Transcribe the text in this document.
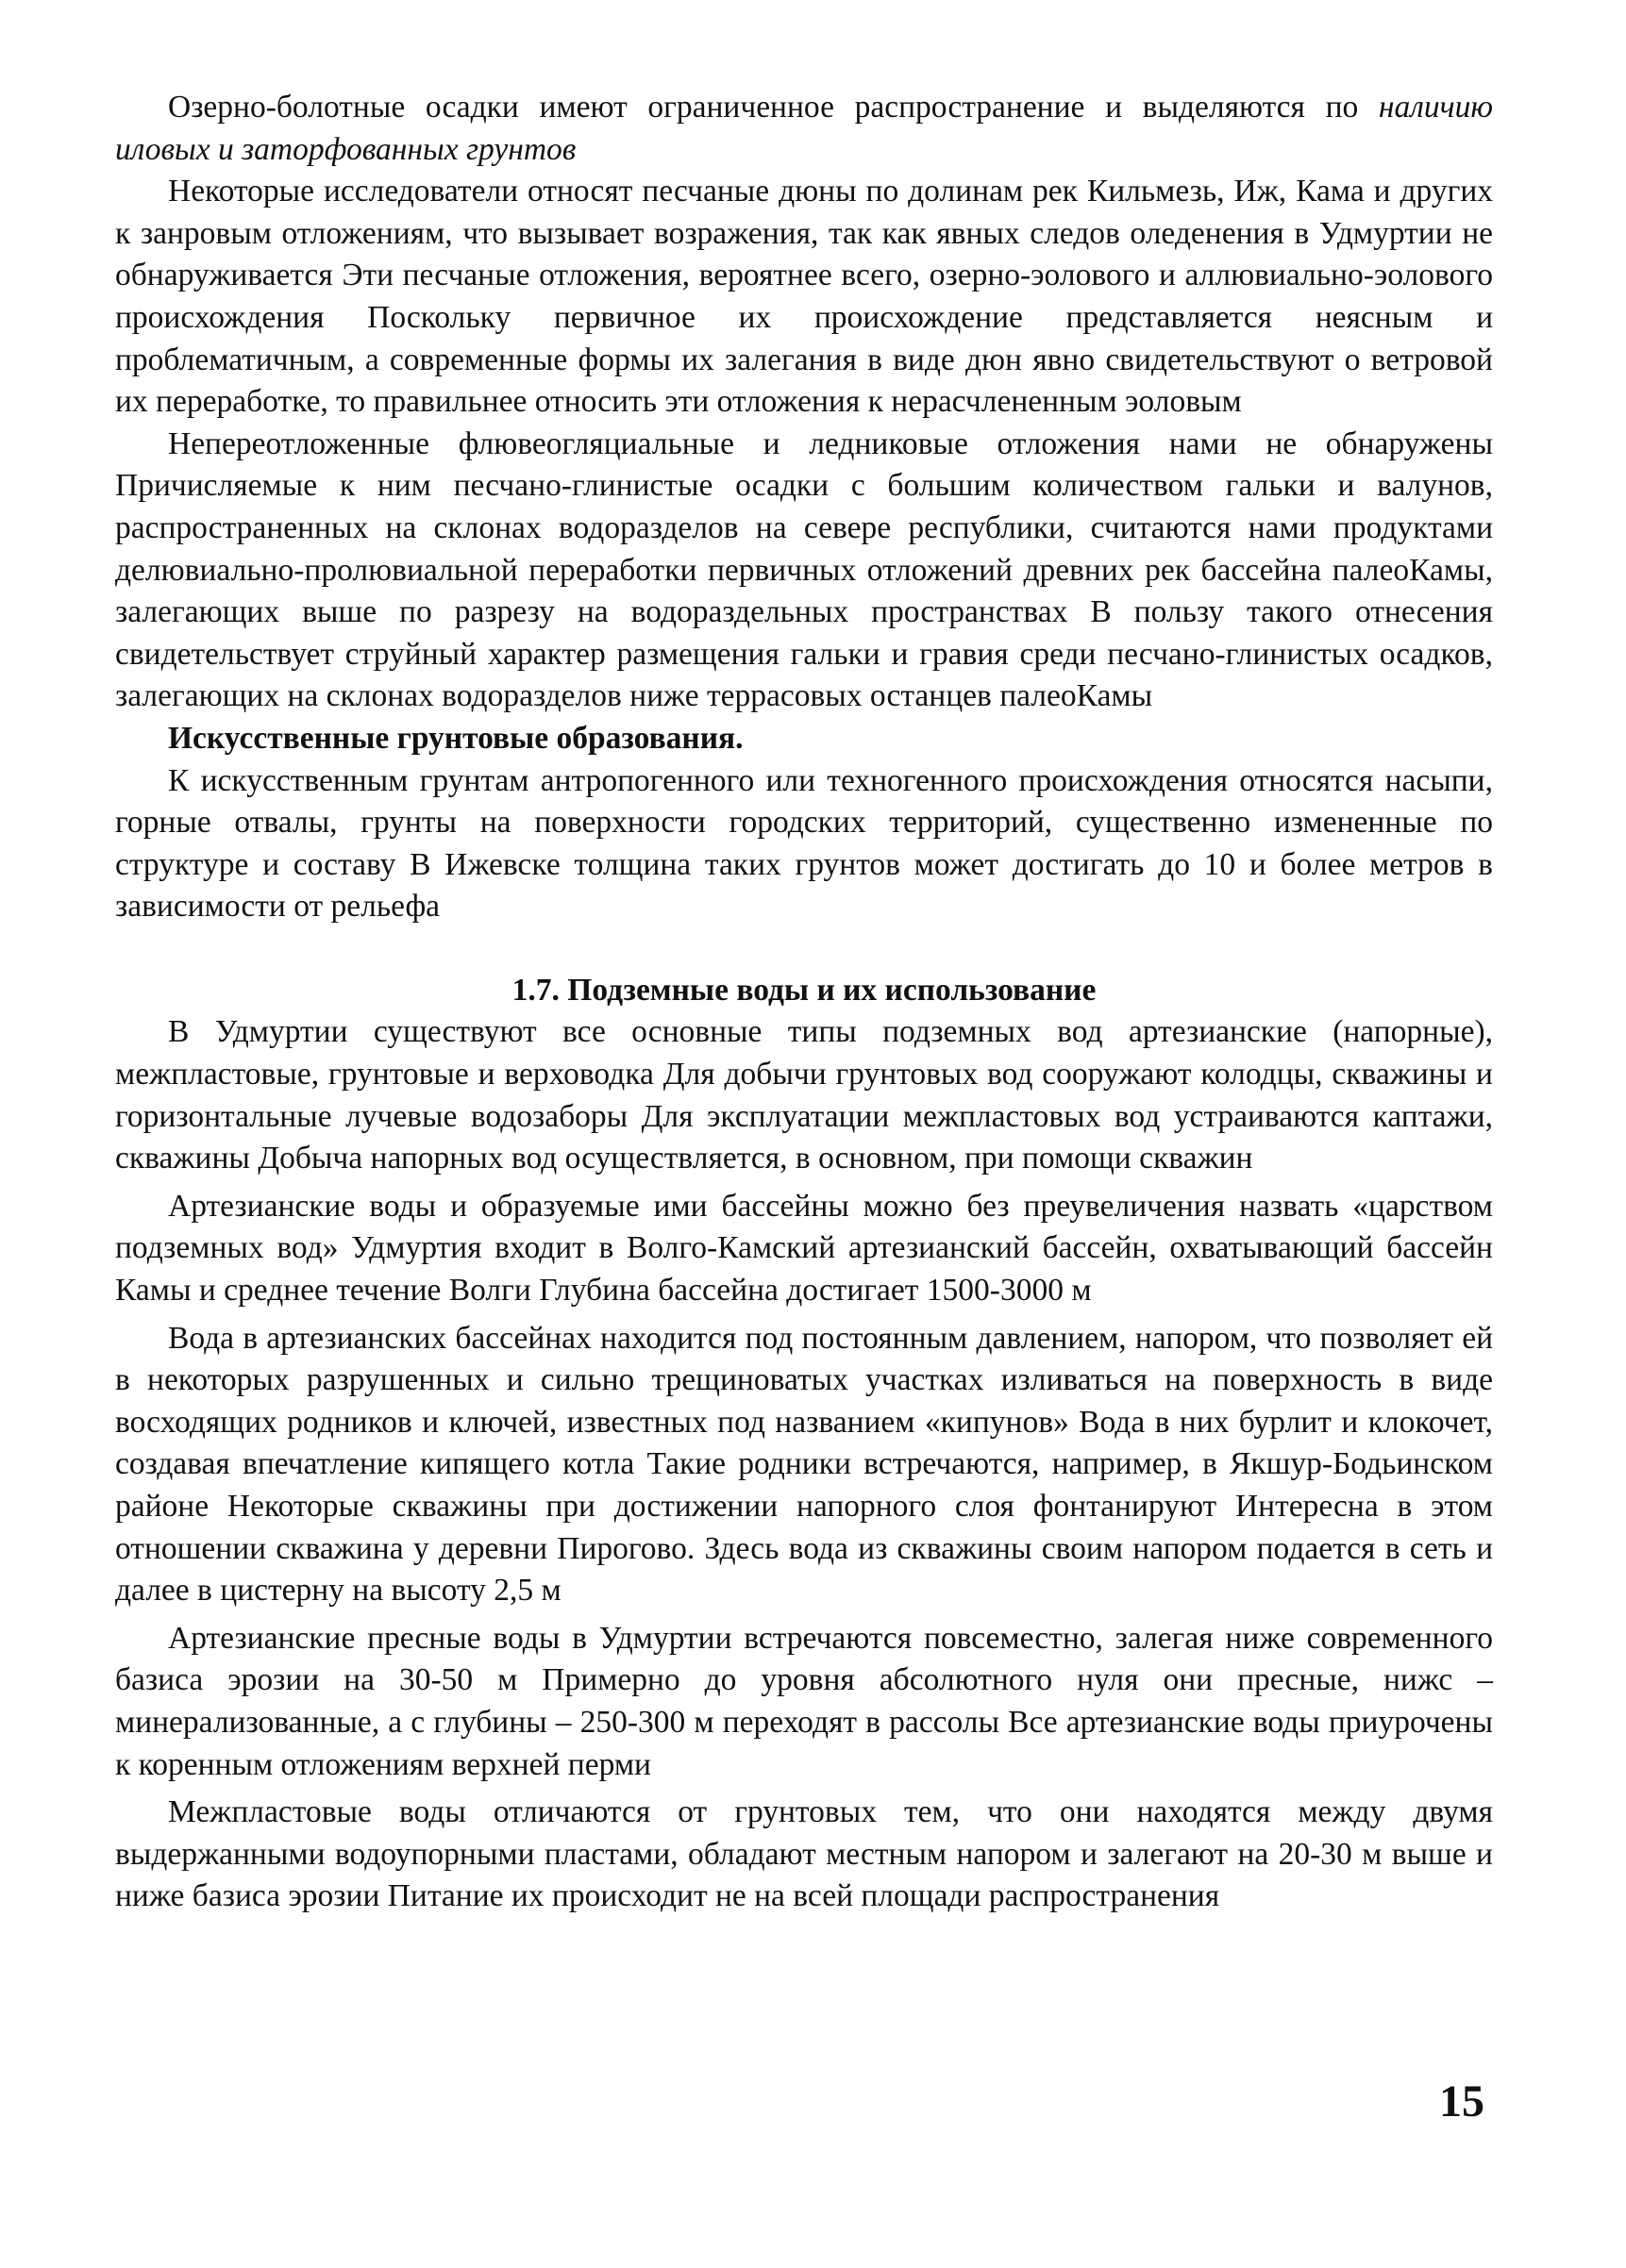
Озерно-болотные осадки имеют ограниченное распространение и выделяются по наличию иловых и заторфованных грунтов

Некоторые исследователи относят песчаные дюны по долинам рек Кильмезь, Иж, Кама и других к занровым отложениям, что вызывает возражения, так как явных следов оледенения в Удмуртии не обнаруживается Эти песчаные отложения, вероятнее всего, озерно-эолового и аллювиально-эолового происхождения Поскольку первичное их происхождение представляется неясным и проблематичным, а современные формы их залегания в виде дюн явно свидетельствуют о ветровой их переработке, то правильнее относить эти отложения к нерасчлененным эоловым

Непереотложенные флювеогляциальные и ледниковые отложения нами не обнаружены Причисляемые к ним песчано-глинистые осадки с большим количеством гальки и валунов, распространенных на склонах водоразделов на севере республики, считаются нами продуктами делювиально-пролювиальной переработки первичных отложений древних рек бассейна палеоКамы, залегающих выше по разрезу на водораздельных пространствах В пользу такого отнесения свидетельствует струйный характер размещения гальки и гравия среди песчано-глинистых осадков, залегающих на склонах водоразделов ниже террасовых останцев палеоКамы

Искусственные грунтовые образования.

К искусственным грунтам антропогенного или техногенного происхождения относятся насыпи, горные отвалы, грунты на поверхности городских территорий, существенно измененные по структуре и составу В Ижевске толщина таких грунтов может достигать до 10 и более метров в зависимости от рельефа

1.7. Подземные воды и их использование

В Удмуртии существуют все основные типы подземных вод артезианские (напорные), межпластовые, грунтовые и верховодка Для добычи грунтовых вод сооружают колодцы, скважины и горизонтальные лучевые водозаборы Для эксплуатации межпластовых вод устраиваются каптажи, скважины Добыча напорных вод осуществляется, в основном, при помощи скважин

Артезианские воды и образуемые ими бассейны можно без преувеличения назвать «царством подземных вод» Удмуртия входит в Волго-Камский артезианский бассейн, охватывающий бассейн Камы и среднее течение Волги Глубина бассейна достигает 1500-3000 м

Вода в артезианских бассейнах находится под постоянным давлением, напором, что позволяет ей в некоторых разрушенных и сильно трещиноватых участках изливаться на поверхность в виде восходящих родников и ключей, известных под названием «кипунов» Вода в них бурлит и клокочет, создавая впечатление кипящего котла Такие родники встречаются, например, в Якшур-Бодьинском районе Некоторые скважины при достижении напорного слоя фонтанируют Интересна в этом отношении скважина у деревни Пирогово. Здесь вода из скважины своим напором подается в сеть и далее в цистерну на высоту 2,5 м

Артезианские пресные воды в Удмуртии встречаются повсеместно, залегая ниже современного базиса эрозии на 30-50 м Примерно до уровня абсолютного нуля они пресные, нижс – минерализованные, а с глубины – 250-300 м переходят в рассолы Все артезианские воды приурочены к коренным отложениям верхней перми

Межпластовые воды отличаются от грунтовых тем, что они находятся между двумя выдержанными водоупорными пластами, обладают местным напором и залегают на 20-30 м выше и ниже базиса эрозии Питание их происходит не на всей площади распространения

15
